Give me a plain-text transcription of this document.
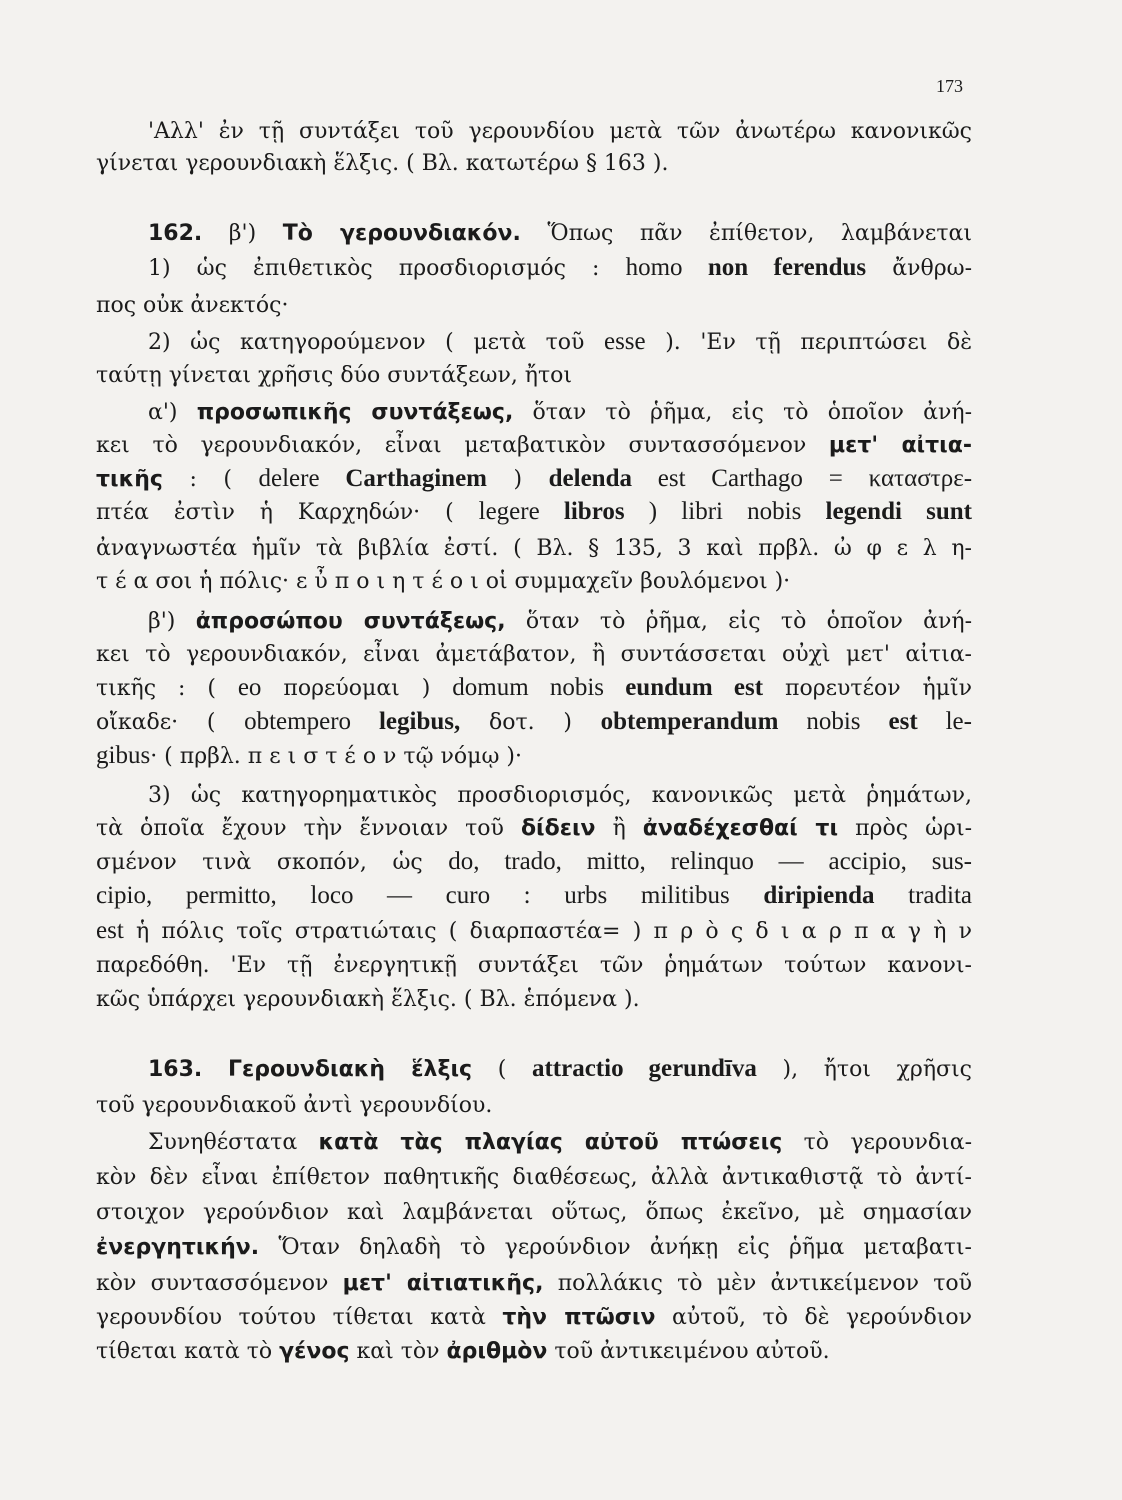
173
'Αλλ' ἐν τῇ συντάξει τοῦ γερουνδίου μετὰ τῶν ἀνωτέρω κανονικῶς
γίνεται γερουνδιακὴ ἕλξις. ( Βλ. κατωτέρω § 163 ).
162. β') Τὸ γερουνδιακόν. Ὅπως πᾶν ἐπίθετον, λαμβάνεται
1) ὡς ἐπιθετικὸς προσδιορισμός : homo non ferendus ἄνθρω-
πος οὐκ ἀνεκτός·
2) ὡς κατηγορούμενον ( μετὰ τοῦ esse ). 'Εν τῇ περιπτώσει δὲ
ταύτῃ γίνεται χρῆσις δύο συντάξεων, ἤτοι
α') προσωπικῆς συντάξεως, ὅταν τὸ ῥῆμα, εἰς τὸ ὁποῖον ἀνή-
κει τὸ γερουνδιακόν, εἶναι μεταβατικὸν συντασσόμενον μετ' αἰτια-
τικῆς : ( delere Carthaginem ) delenda est Carthago = καταστρε-
πτέα ἐστὶν ἡ Καρχηδών· ( legere libros ) libri nobis legendi sunt
ἀναγνωστέα ἡμῖν τὰ βιβλία ἐστί. ( Βλ. § 135, 3 καὶ πρβλ. ὠ φ ε λ η-
τ έ α σοι ἡ πόλις· ε ὖ π ο ι η τ έ ο ι οἱ συμμαχεῖν βουλόμενοι )·
β') ἀπροσώπου συντάξεως, ὅταν τὸ ῥῆμα, εἰς τὸ ὁποῖον ἀνή-
κει τὸ γερουνδιακόν, εἶναι ἀμετάβατον, ἢ συντάσσεται οὐχὶ μετ' αἰτια-
τικῆς : ( eo πορεύομαι ) domum nobis eundum est πορευτέον ἡμῖν
οἴκαδε· ( obtempero legibus, δοτ. ) obtemperandum nobis est le-
gibus· ( πρβλ. π ε ι σ τ έ ο ν τῷ νόμῳ )·
3) ὡς κατηγορηματικὸς προσδιορισμός, κανονικῶς μετὰ ῥημάτων,
τὰ ὁποῖα ἔχουν τὴν ἔννοιαν τοῦ δίδειν ἢ ἀναδέχεσθαί τι πρὸς ὡρι-
σμένον τινὰ σκοπόν, ὡς do, trado, mitto, relinquo — accipio, sus-
cipio, permitto, loco — curo : urbs militibus diripienda tradita
est ἡ πόλις τοῖς στρατιώταις ( διαρπαστέα= ) π ρ ὸ ς δ ι α ρ π α γ ὴ ν
παρεδόθη. 'Εν τῇ ἐνεργητικῇ συντάξει τῶν ῥημάτων τούτων κανονι-
κῶς ὑπάρχει γερουνδιακὴ ἕλξις. ( Βλ. ἑπόμενα ).
163. Γερουνδιακὴ ἕλξις ( attractio gerundīva ), ἤτοι χρῆσις
τοῦ γερουνδιακοῦ ἀντὶ γερουνδίου.
Συνηθέστατα κατὰ τὰς πλαγίας αὐτοῦ πτώσεις τὸ γερουνδια-
κὸν δὲν εἶναι ἐπίθετον παθητικῆς διαθέσεως, ἀλλὰ ἀντικαθιστᾷ τὸ ἀντί-
στοιχον γερούνδιον καὶ λαμβάνεται οὕτως, ὅπως ἐκεῖνο, μὲ σημασίαν
ἐνεργητικήν. Ὅταν δηλαδὴ τὸ γερούνδιον ἀνήκῃ εἰς ῥῆμα μεταβατι-
κὸν συντασσόμενον μετ' αἰτιατικῆς, πολλάκις τὸ μὲν ἀντικείμενον τοῦ
γερουνδίου τούτου τίθεται κατὰ τὴν πτῶσιν αὐτοῦ, τὸ δὲ γερούνδιον
τίθεται κατὰ τὸ γένος καὶ τὸν ἀριθμὸν τοῦ ἀντικειμένου αὐτοῦ.
